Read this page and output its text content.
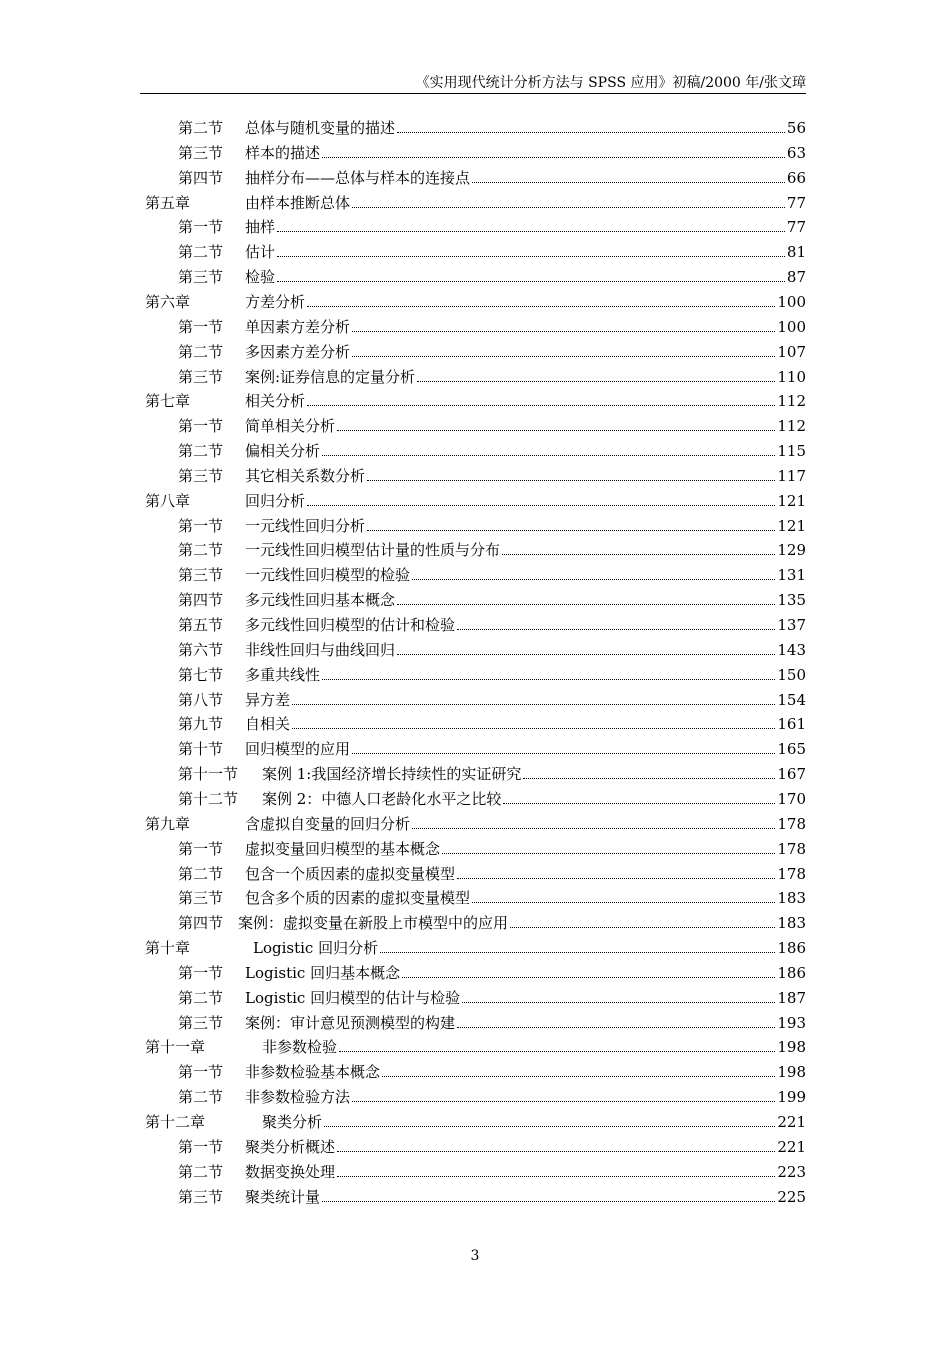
《实用现代统计分析方法与 SPSS 应用》初稿/2000 年/张文璋
第二节 总体与随机变量的描述	56
第三节 样本的描述	63
第四节 抽样分布——总体与样本的连接点	66
第五章	由样本推断总体	77
第一节 抽样	77
第二节 估计	81
第三节 检验	87
第六章	方差分析	100
第一节 单因素方差分析	100
第二节 多因素方差分析	107
第三节 案例:证券信息的定量分析	110
第七章	相关分析	112
第一节 简单相关分析	112
第二节 偏相关分析	115
第三节 其它相关系数分析	117
第八章	回归分析	121
第一节 一元线性回归分析	121
第二节 一元线性回归模型估计量的性质与分布	129
第三节 一元线性回归模型的检验	131
第四节 多元线性回归基本概念	135
第五节 多元线性回归模型的估计和检验	137
第六节 非线性回归与曲线回归	143
第七节 多重共线性	150
第八节 异方差	154
第九节 自相关	161
第十节 回归模型的应用	165
第十一节 案例 1:我国经济增长持续性的实证研究	167
第十二节 案例 2：中德人口老龄化水平之比较	170
第九章	含虚拟自变量的回归分析	178
第一节 虚拟变量回归模型的基本概念	178
第二节 包含一个质因素的虚拟变量模型	178
第三节 包含多个质的因素的虚拟变量模型	183
第四节 案例：虚拟变量在新股上市模型中的应用	183
第十章	Logistic 回归分析	186
第一节 Logistic 回归基本概念	186
第二节 Logistic 回归模型的估计与检验	187
第三节 案例：审计意见预测模型的构建	193
第十一章	非参数检验	198
第一节 非参数检验基本概念	198
第二节 非参数检验方法	199
第十二章	聚类分析	221
第一节 聚类分析概述	221
第二节 数据变换处理	223
第三节 聚类统计量	225
3
